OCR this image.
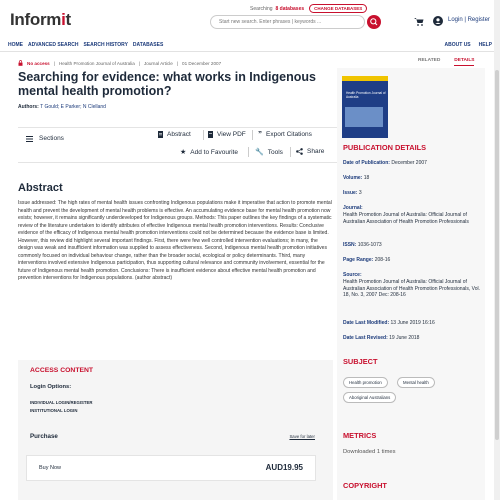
Informit
Searching 8 databases	CHANGE DATABASES
Start new search. Enter phrases | keywords ...	Login | Register
HOME ADVANCED SEARCH SEARCH HISTORY DATABASES	ABOUT US HELP
No access | Health Promotion Journal of Australia | Journal Article | 01 December 2007	RELATED	DETAILS
Searching for evidence: what works in Indigenous mental health promotion?
Authors: T Gould; E Parker; N Clelland
Sections
Abstract	View PDF ” Export Citations
★ Add to Favourite 🔧 Tools	Share
Abstract
Issue addressed: The high rates of mental health issues confronting Indigenous populations make it imperative that action to promote mental health and prevent the development of mental health problems is effective. An accumulating evidence base for mental health promotion now exists; however, it remains significantly underdeveloped for Indigenous groups. Methods: This paper outlines the key findings of a systematic review of the literature undertaken to identify attributes of effective Indigenous mental health promotion interventions. Results: Conclusive evidence of the efficacy of Indigenous mental health promotion interventions could not be determined because the evidence base is limited. However, this review did highlight several important findings. First, there were few well controlled intervention evaluations; in many, the design was weak and insufficient information was supplied to assess effectiveness. Second, Indigenous mental health promotion initiatives commonly focused on individual behaviour change, rather than the broader social, ecological or policy determinants. Third, many interventions involved extensive Indigenous participation, thus supporting cultural relevance and community involvement, essential for the future of Indigenous mental health promotion. Conclusions: There is insufficient evidence about effective mental health promotion and prevention interventions for Indigenous populations. (author abstract)
ACCESS CONTENT
Login Options:
INDIVIDUAL LOGIN/REGISTER
INSTITUTIONAL LOGIN
Purchase	Save for later
Buy Now	AUD19.95
Health Promotion Journal of Australia
PUBLICATION DETAILS
Date of Publication: December 2007
Volume: 18
Issue: 3
Journal:
Health Promotion Journal of Australia: Official Journal of Australian Association of Health Promotion Professionals
ISSN: 1036-1073
Page Range: 208-16
Source:
Health Promotion Journal of Australia: Official Journal of Australian Association of Health Promotion Professionals, Vol. 18, No. 3, 2007 Dec: 208-16
Date Last Modified: 13 June 2019 16:16
Date Last Revised: 19 June 2018
SUBJECT
Health promotion	Mental health
Aboriginal Australians
METRICS
Downloaded 1 times
COPYRIGHT
